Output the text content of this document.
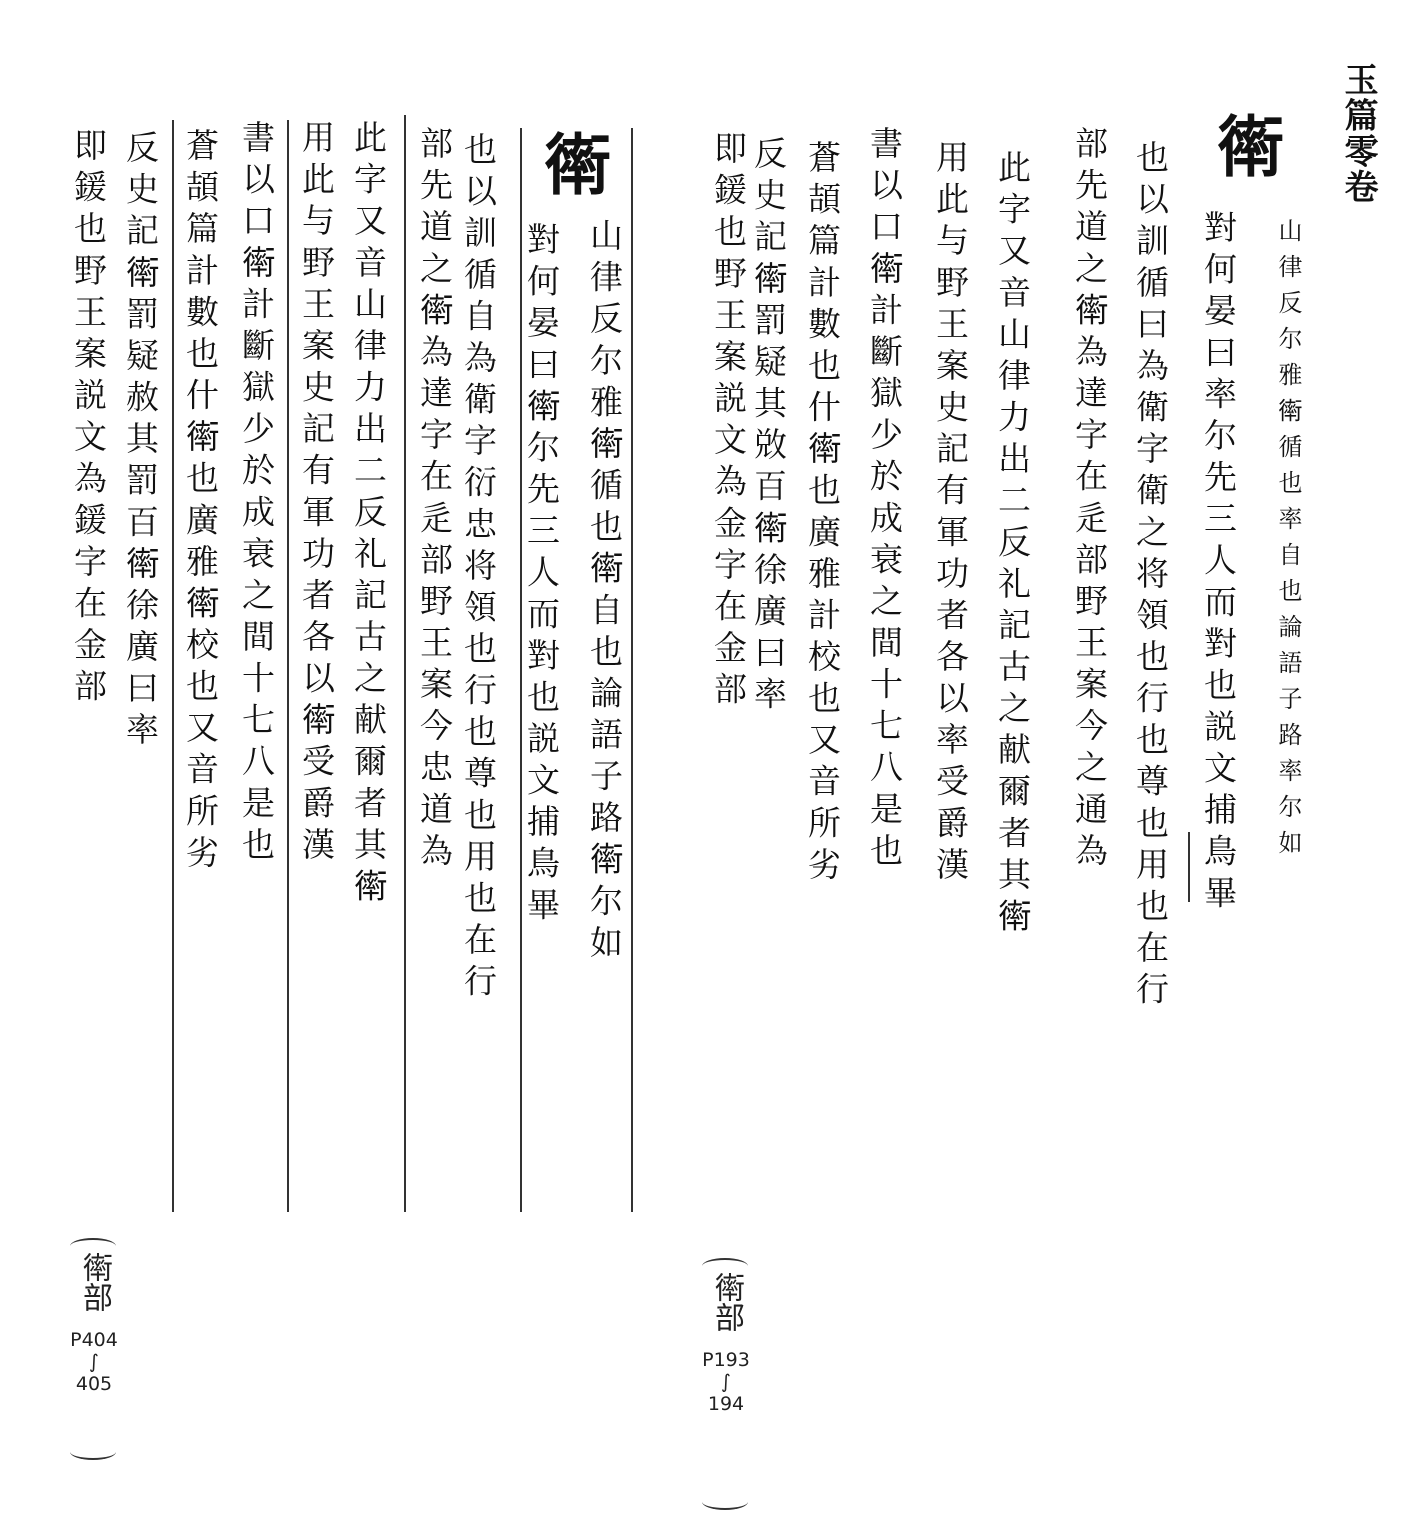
玉篇零卷
𧗿
山律反尔雅𧗿循也率自也論語子路率尔如
對何晏曰率尔先三人而對也説文捕鳥畢
也以訓循曰為衛字衛之将領也行也尊也用也在行
部先道之𧗿為達字在辵部野王案今之通為
此字又音山律力出二反礼記古之献爾者其𧗿
用此与野王案史記有軍功者各以率受爵漢
書以口𧗿計斷獄少於成衰之間十七八是也
蒼頡篇計數也什𧗿也廣雅計校也又音所劣
反史記𧗿罰疑其敚百𧗿徐廣曰率
即鍰也野王案説文為金字在金部
𧗿
山律反尔雅𧗿循也𧗿自也論語子路𧗿尔如
對何晏曰𧗿尔先三人而對也説文捕鳥畢
也以訓循自為衛字衍忠将領也行也尊也用也在行
部先道之𧗿為達字在辵部野王案今忠道為
此字又音山律力出二反礼記古之献爾者其𧗿
用此与野王案史記有軍功者各以𧗿受爵漢
書以口𧗿計斷獄少於成衰之間十七八是也
蒼頡篇計數也什𧗿也廣雅𧗿校也又音所劣
反史記𧗿罰疑赦其罰百𧗿徐廣曰率
即鍰也野王案説文為鍰字在金部
𧗿部
P193
∫
194
𧗿部
P404
∫
405
